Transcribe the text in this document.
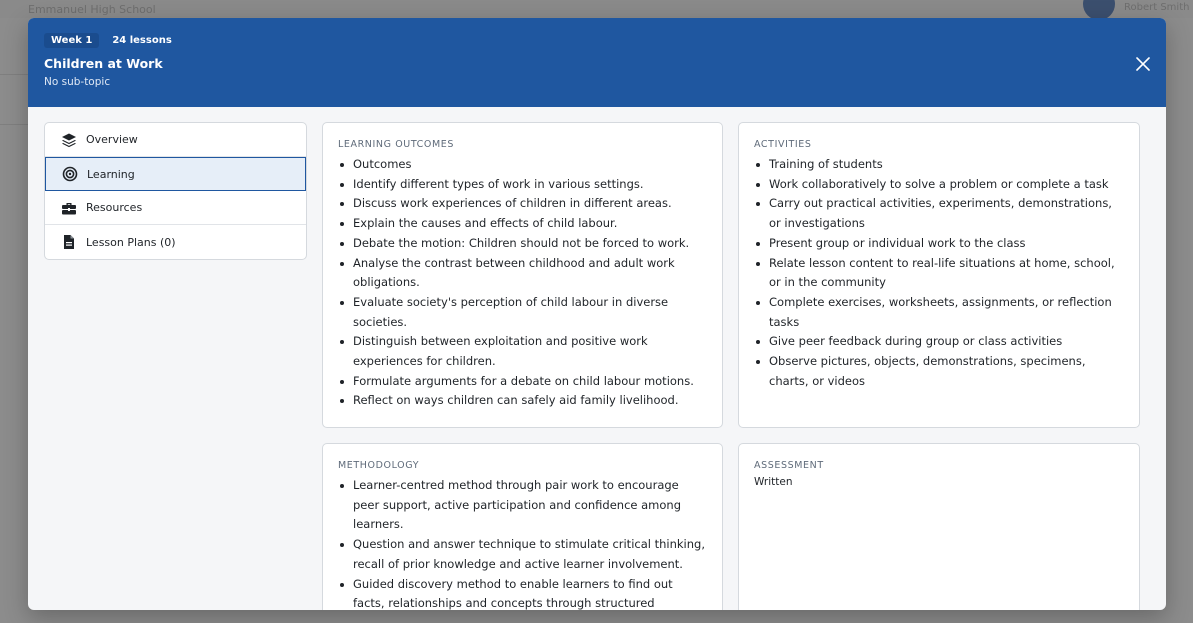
Emmanuel High School	Robert Smith
Week 1	24 lessons
Children at Work
No sub-topic
Overview
Learning
Resources
Lesson Plans (0)
LEARNING OUTCOMES
Outcomes
Identify different types of work in various settings.
Discuss work experiences of children in different areas.
Explain the causes and effects of child labour.
Debate the motion: Children should not be forced to work.
Analyse the contrast between childhood and adult work obligations.
Evaluate society's perception of child labour in diverse societies.
Distinguish between exploitation and positive work experiences for children.
Formulate arguments for a debate on child labour motions.
Reflect on ways children can safely aid family livelihood.
ACTIVITIES
Training of students
Work collaboratively to solve a problem or complete a task
Carry out practical activities, experiments, demonstrations, or investigations
Present group or individual work to the class
Relate lesson content to real-life situations at home, school, or in the community
Complete exercises, worksheets, assignments, or reflection tasks
Give peer feedback during group or class activities
Observe pictures, objects, demonstrations, specimens, charts, or videos
METHODOLOGY
Learner-centred method through pair work to encourage peer support, active participation and confidence among learners.
Question and answer technique to stimulate critical thinking, recall of prior knowledge and active learner involvement.
Guided discovery method to enable learners to find out facts, relationships and concepts through structured
ASSESSMENT
Written
